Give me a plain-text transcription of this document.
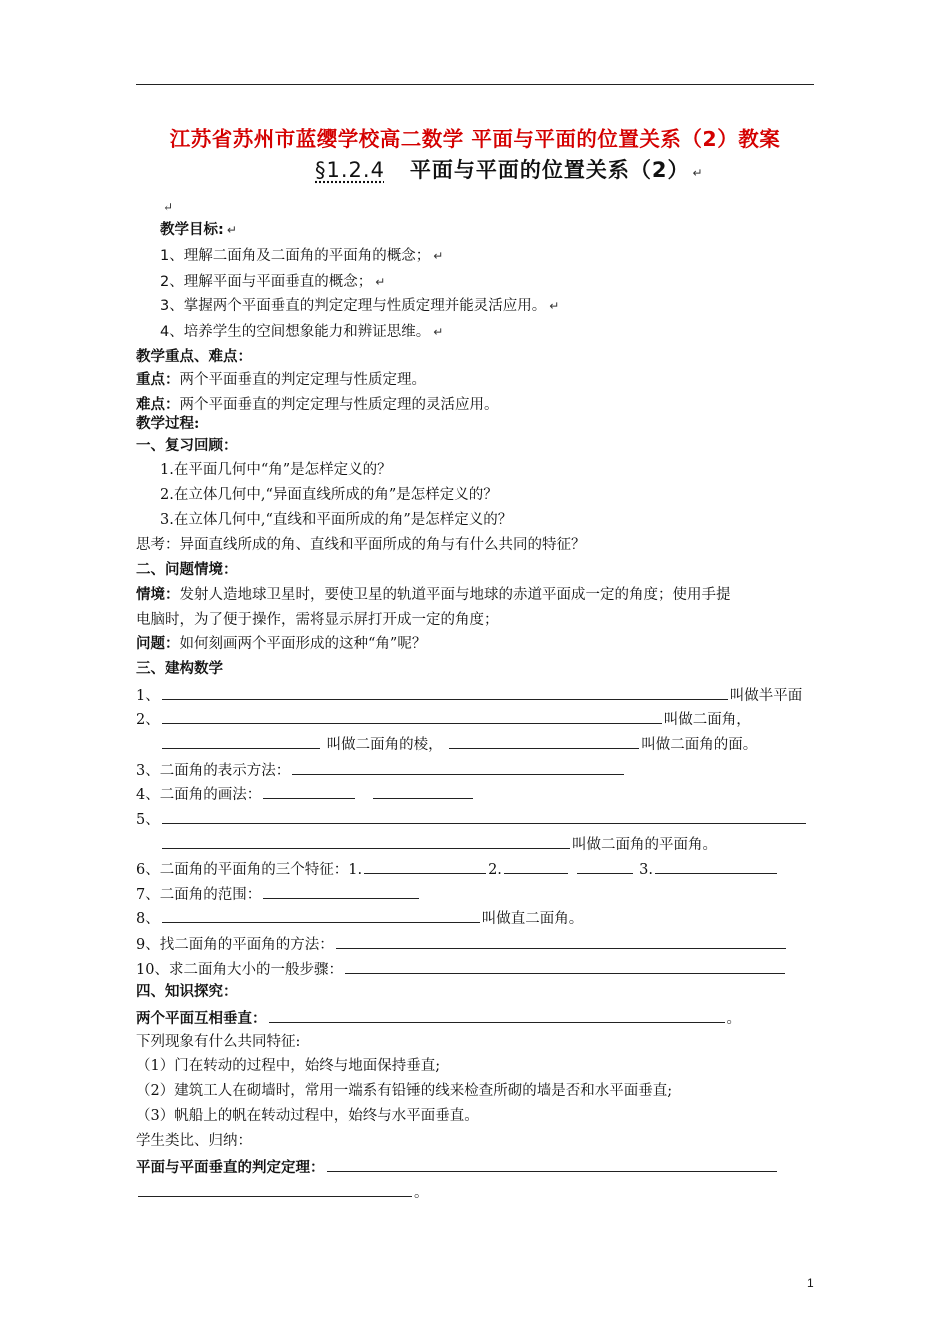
江苏省苏州市蓝缨学校高二数学 平面与平面的位置关系（2）教案
§1.2.4 平面与平面的位置关系（2） ↵
↵
教学目标: ↵
1、理解二面角及二面角的平面角的概念； ↵
2、理解平面与平面垂直的概念； ↵
3、掌握两个平面垂直的判定定理与性质定理并能灵活应用。 ↵
4、培养学生的空间想象能力和辨证思维。 ↵
教学重点、难点：
重点：两个平面垂直的判定定理与性质定理。
难点：两个平面垂直的判定定理与性质定理的灵活应用。
教学过程:
一、复习回顾：
1.在平面几何中“角”是怎样定义的？
2.在立体几何中,“异面直线所成的角”是怎样定义的？
3.在立体几何中,“直线和平面所成的角”是怎样定义的？
思考：异面直线所成的角、直线和平面所成的角与有什么共同的特征？
二、问题情境：
情境：发射人造地球卫星时，要使卫星的轨道平面与地球的赤道平面成一定的角度；使用手提
电脑时，为了便于操作，需将显示屏打开成一定的角度；
问题：如何刻画两个平面形成的这种“角”呢？
三、建构数学
1、	叫做半平面
2、	叫做二面角，
叫做二面角的棱，	叫做二面角的面。
3、二面角的表示方法：
4、二面角的画法：
5、
叫做二面角的平面角。
6、二面角的平面角的三个特征：1.	2.	3.
7、二面角的范围：
8、	叫做直二面角。
9、找二面角的平面角的方法：
10、求二面角大小的一般步骤：
四、知识探究：
两个平面互相垂直：	。
下列现象有什么共同特征:
（1）门在转动的过程中，始终与地面保持垂直;
（2）建筑工人在砌墙时，常用一端系有铅锤的线来检查所砌的墙是否和水平面垂直;
（3）帆船上的帆在转动过程中，始终与水平面垂直。
学生类比、归纳：
平面与平面垂直的判定定理：
。
1
